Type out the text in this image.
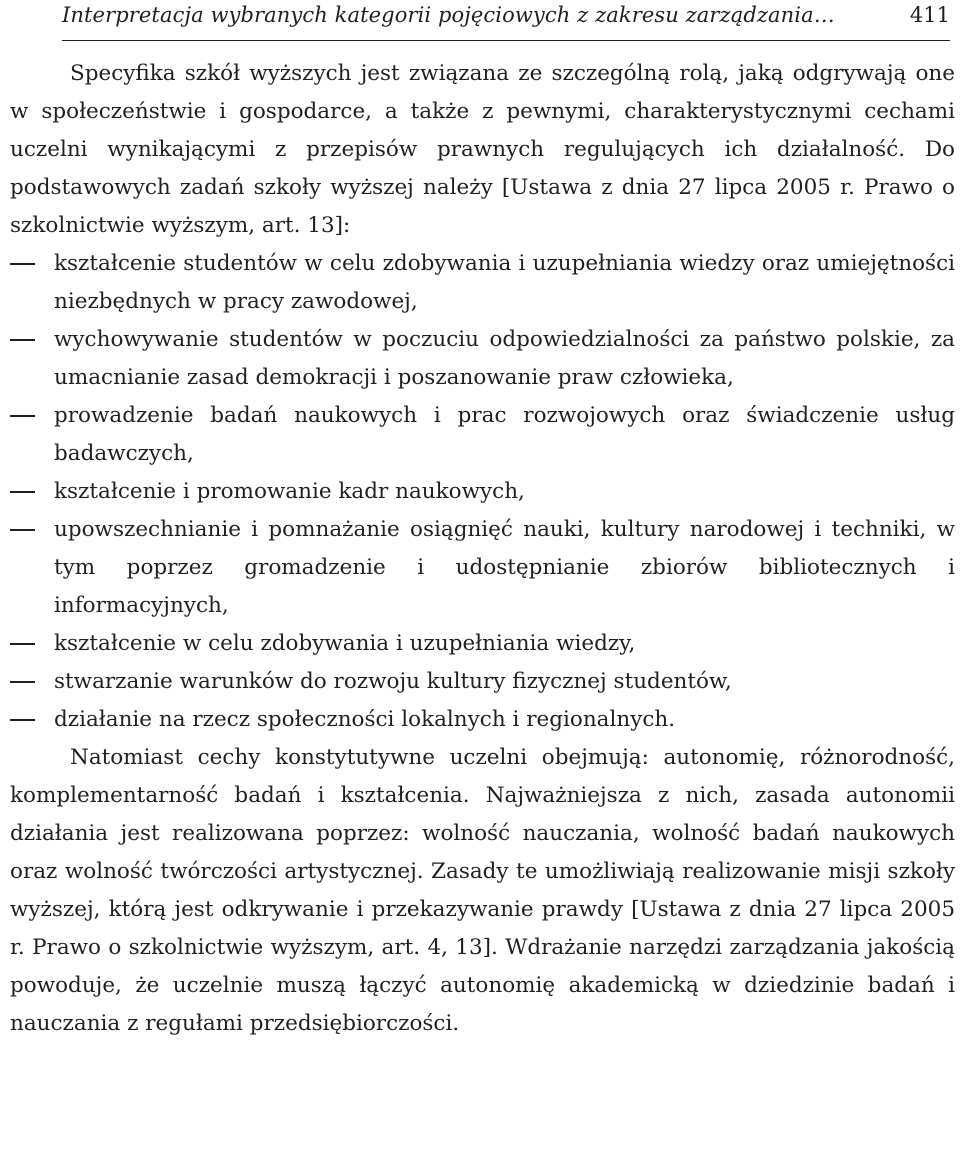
Interpretacja wybranych kategorii pojęciowych z zakresu zarządzania…	411

Specyfika szkół wyższych jest związana ze szczególną rolą, jaką odgrywają one w społeczeństwie i gospodarce, a także z pewnymi, charakterystycznymi cechami uczelni wynikającymi z przepisów prawnych regulujących ich działalność. Do podstawowych zadań szkoły wyższej należy [Ustawa z dnia 27 lipca 2005 r. Prawo o szkolnictwie wyższym, art. 13]:

kształcenie studentów w celu zdobywania i uzupełniania wiedzy oraz umiejętności niezbędnych w pracy zawodowej,
wychowywanie studentów w poczuciu odpowiedzialności za państwo polskie, za umacnianie zasad demokracji i poszanowanie praw człowieka,
prowadzenie badań naukowych i prac rozwojowych oraz świadczenie usług badawczych,
kształcenie i promowanie kadr naukowych,
upowszechnianie i pomnażanie osiągnięć nauki, kultury narodowej i techniki, w tym poprzez gromadzenie i udostępnianie zbiorów bibliotecznych i informacyjnych,
kształcenie w celu zdobywania i uzupełniania wiedzy,
stwarzanie warunków do rozwoju kultury fizycznej studentów,
działanie na rzecz społeczności lokalnych i regionalnych.

Natomiast cechy konstytutywne uczelni obejmują: autonomię, różnorodność, komplementarność badań i kształcenia. Najważniejsza z nich, zasada autonomii działania jest realizowana poprzez: wolność nauczania, wolność badań naukowych oraz wolność twórczości artystycznej. Zasady te umożliwiają realizowanie misji szkoły wyższej, którą jest odkrywanie i przekazywanie prawdy [Ustawa z dnia 27 lipca 2005 r. Prawo o szkolnictwie wyższym, art. 4, 13]. Wdrażanie narzędzi zarządzania jakością powoduje, że uczelnie muszą łączyć autonomię akademicką w dziedzinie badań i nauczania z regułami przedsiębiorczości.
